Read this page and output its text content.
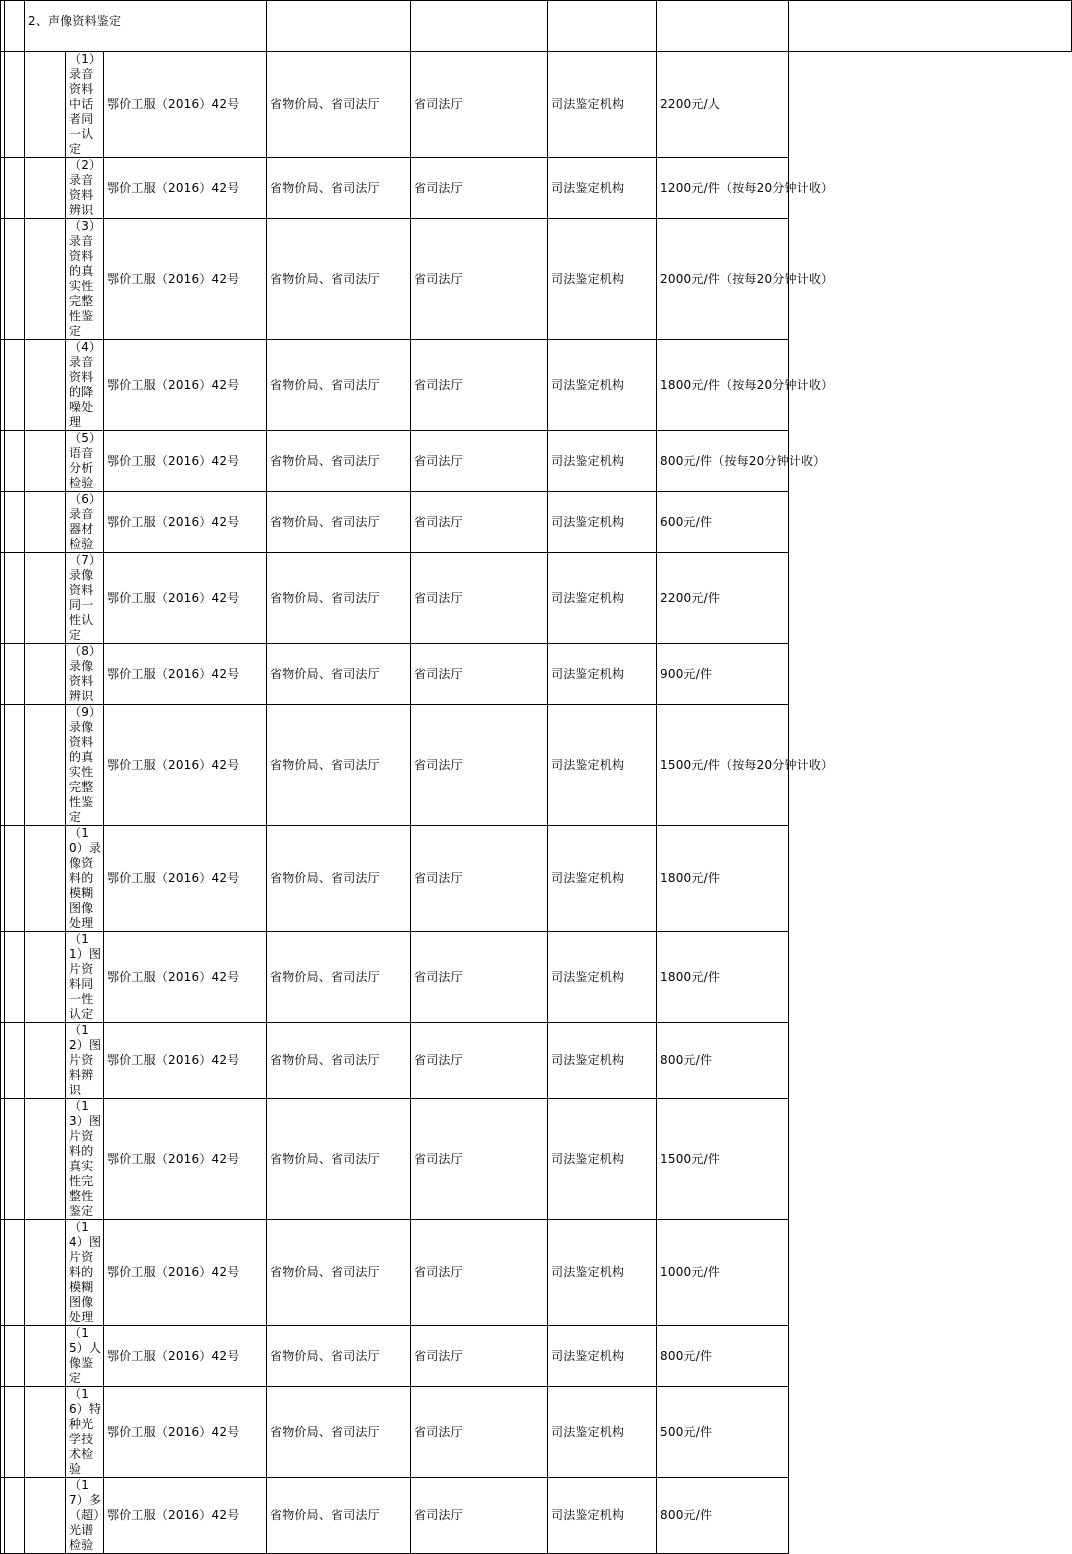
		2、声像资料鉴定							
			（1）录音资料中话者同一认定	鄂价工服（2016）42号	省物价局、省司法厅	省司法厅	司法鉴定机构	2200元/人	
			（2）录音资料辨识	鄂价工服（2016）42号	省物价局、省司法厅	省司法厅	司法鉴定机构	1200元/件（按每20分钟计收）	
			（3）录音资料的真实性完整性鉴定	鄂价工服（2016）42号	省物价局、省司法厅	省司法厅	司法鉴定机构	2000元/件（按每20分钟计收）	
			（4）录音资料的降噪处理	鄂价工服（2016）42号	省物价局、省司法厅	省司法厅	司法鉴定机构	1800元/件（按每20分钟计收）	
			（5）语音分析检验	鄂价工服（2016）42号	省物价局、省司法厅	省司法厅	司法鉴定机构	800元/件（按每20分钟计收）	
			（6）录音器材检验	鄂价工服（2016）42号	省物价局、省司法厅	省司法厅	司法鉴定机构	600元/件	
			（7）录像资料同一性认定	鄂价工服（2016）42号	省物价局、省司法厅	省司法厅	司法鉴定机构	2200元/件	
			（8）录像资料辨识	鄂价工服（2016）42号	省物价局、省司法厅	省司法厅	司法鉴定机构	900元/件	
			（9）录像资料的真实性完整性鉴定	鄂价工服（2016）42号	省物价局、省司法厅	省司法厅	司法鉴定机构	1500元/件（按每20分钟计收）	
			（10）录像资料的模糊图像处理	鄂价工服（2016）42号	省物价局、省司法厅	省司法厅	司法鉴定机构	1800元/件	
			（11）图片资料同一性认定	鄂价工服（2016）42号	省物价局、省司法厅	省司法厅	司法鉴定机构	1800元/件	
			（12）图片资料辨识	鄂价工服（2016）42号	省物价局、省司法厅	省司法厅	司法鉴定机构	800元/件	
			（13）图片资料的真实性完整性鉴定	鄂价工服（2016）42号	省物价局、省司法厅	省司法厅	司法鉴定机构	1500元/件	
			（14）图片资料的模糊图像处理	鄂价工服（2016）42号	省物价局、省司法厅	省司法厅	司法鉴定机构	1000元/件	
			（15）人像鉴定	鄂价工服（2016）42号	省物价局、省司法厅	省司法厅	司法鉴定机构	800元/件	
			（16）特种光学技术检验	鄂价工服（2016）42号	省物价局、省司法厅	省司法厅	司法鉴定机构	500元/件	
			（17）多（超）光谱检验	鄂价工服（2016）42号	省物价局、省司法厅	省司法厅	司法鉴定机构	800元/件	
